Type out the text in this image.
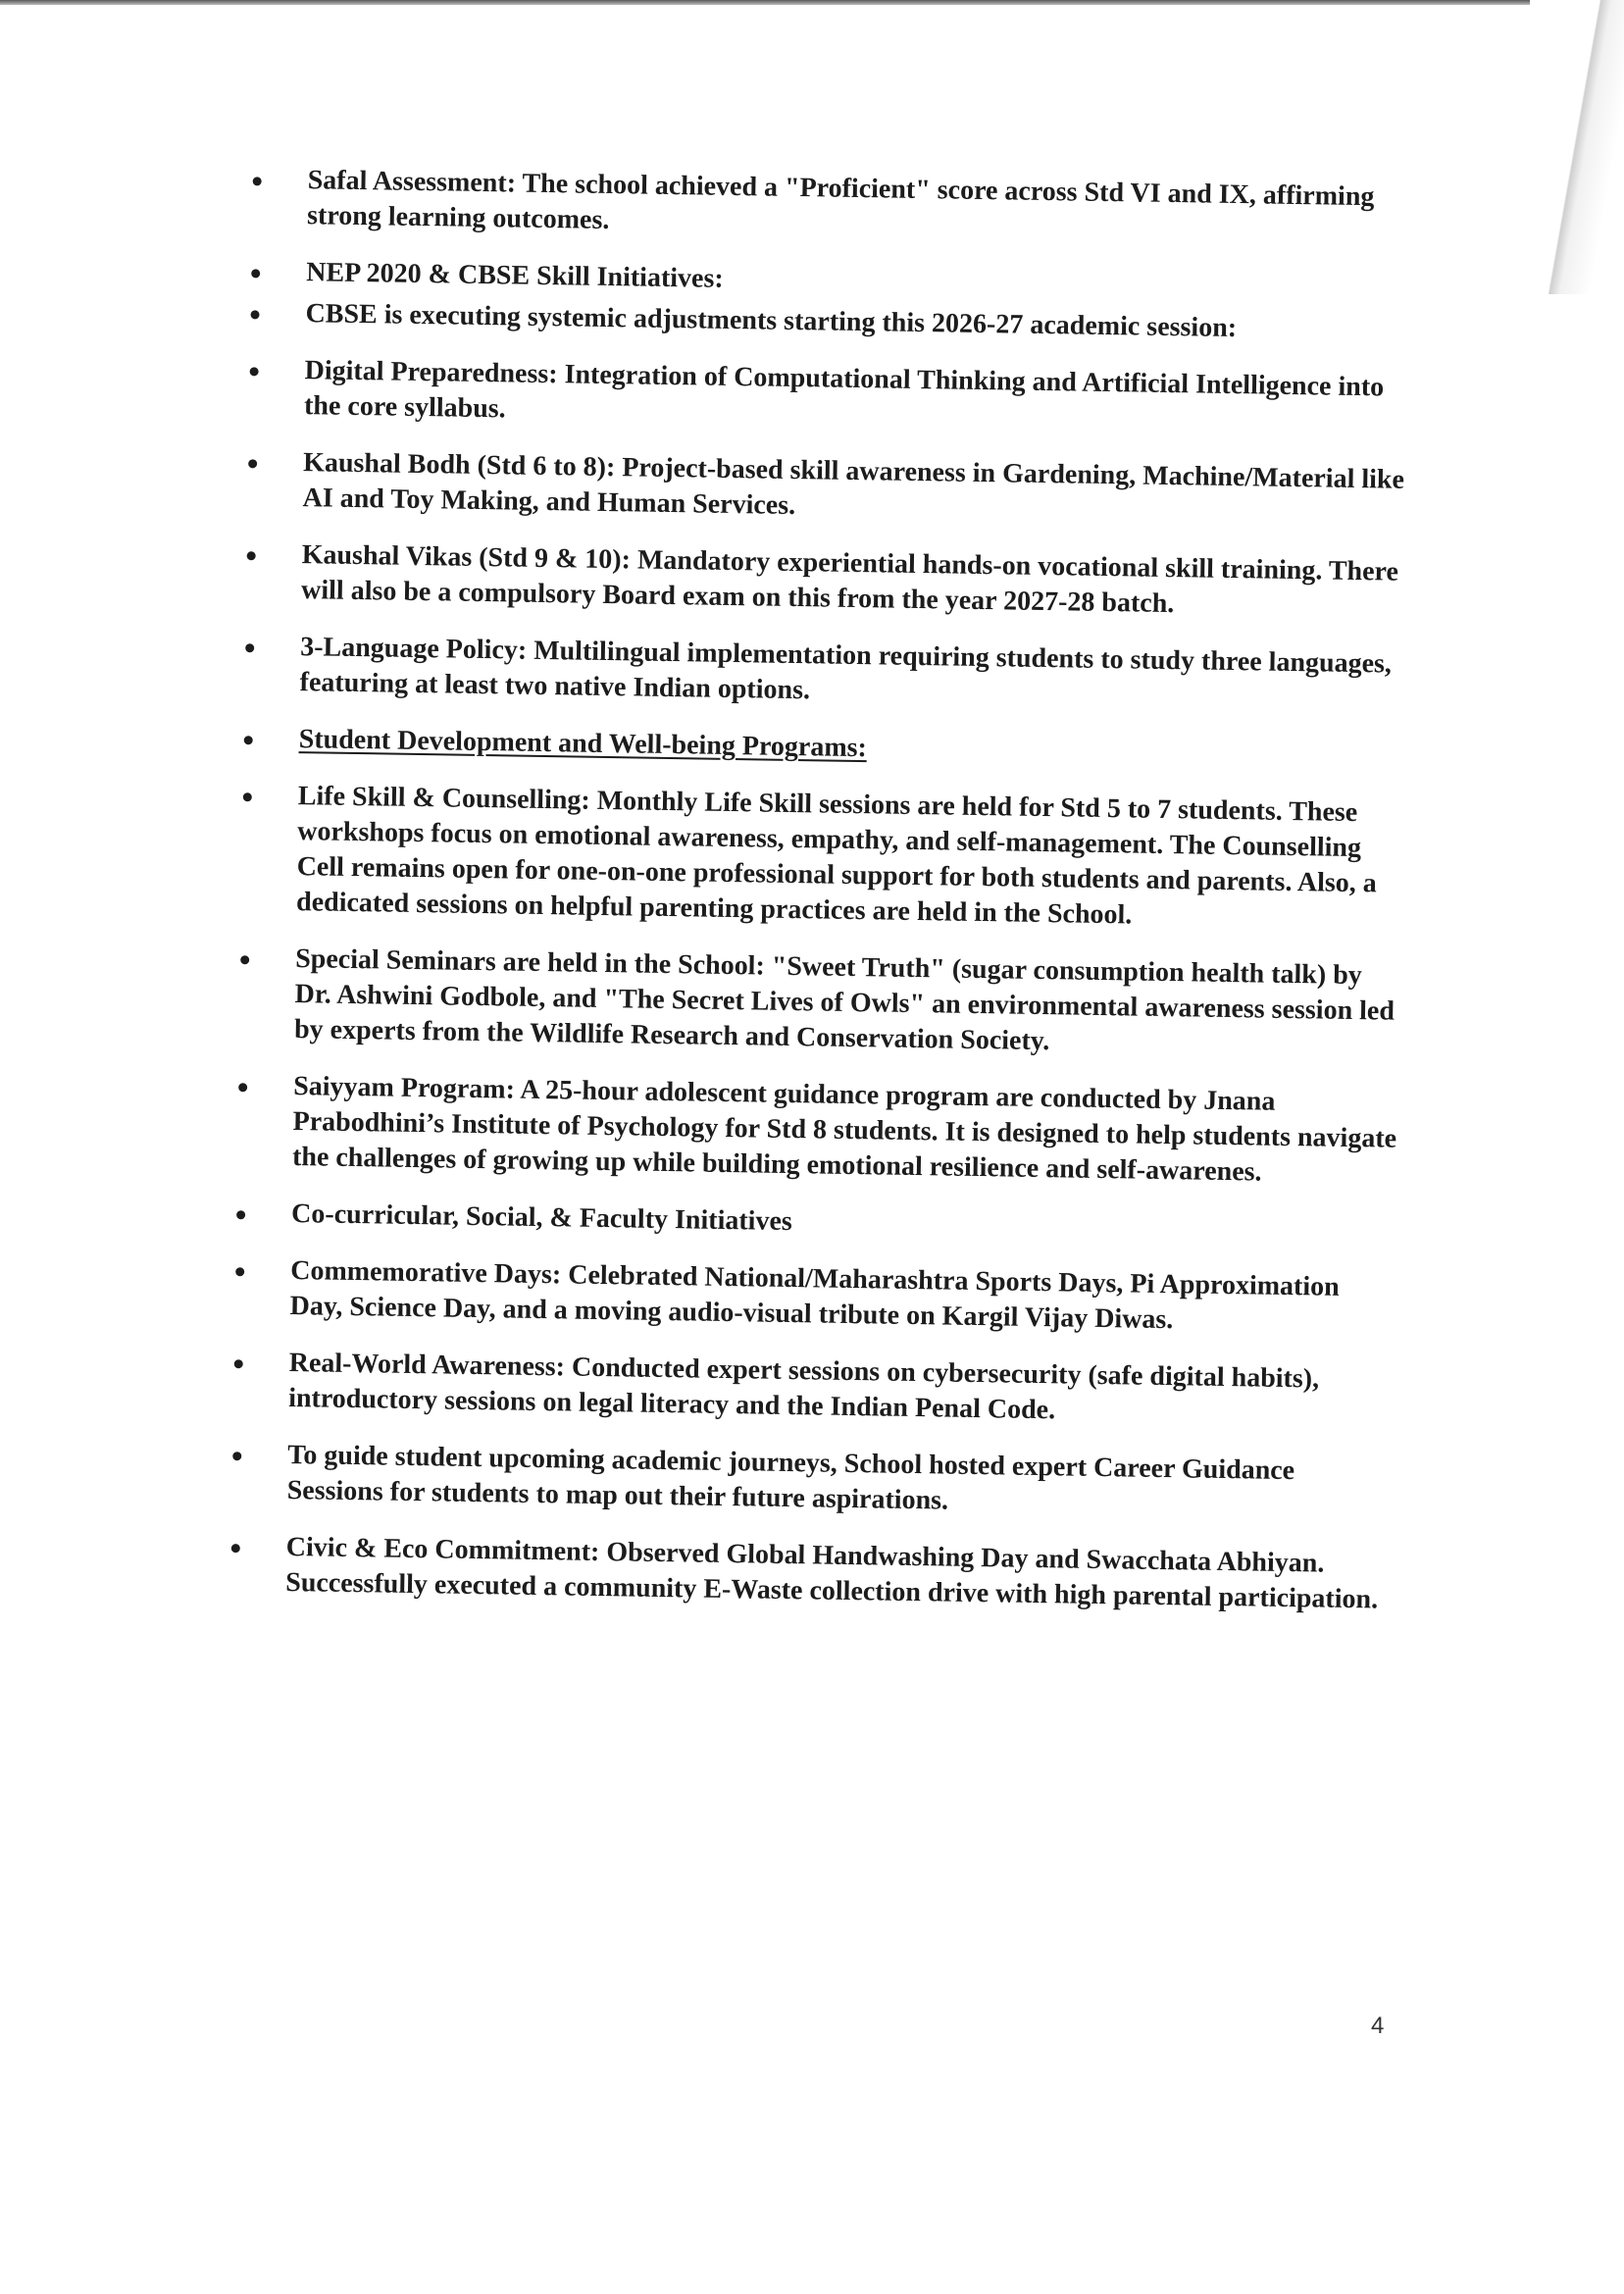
Safal Assessment: The school achieved a "Proficient" score across Std VI and IX, affirming strong learning outcomes.
NEP 2020 & CBSE Skill Initiatives:
CBSE is executing systemic adjustments starting this 2026-27 academic session:
Digital Preparedness: Integration of Computational Thinking and Artificial Intelligence into the core syllabus.
Kaushal Bodh (Std 6 to 8): Project-based skill awareness in Gardening, Machine/Material like AI and Toy Making, and Human Services.
Kaushal Vikas (Std 9 & 10): Mandatory experiential hands-on vocational skill training. There will also be a compulsory Board exam on this from the year 2027-28 batch.
3-Language Policy: Multilingual implementation requiring students to study three languages, featuring at least two native Indian options.
Student Development and Well-being Programs:
Life Skill & Counselling: Monthly Life Skill sessions are held for Std 5 to 7 students. These workshops focus on emotional awareness, empathy, and self-management. The Counselling Cell remains open for one-on-one professional support for both students and parents. Also, a dedicated sessions on helpful parenting practices are held in the School.
Special Seminars are held in the School: "Sweet Truth" (sugar consumption health talk) by Dr. Ashwini Godbole, and "The Secret Lives of Owls" an environmental awareness session led by experts from the Wildlife Research and Conservation Society.
Saiyyam Program: A 25-hour adolescent guidance program are conducted by Jnana Prabodhini’s Institute of Psychology for Std 8 students. It is designed to help students navigate the challenges of growing up while building emotional resilience and self-awarenes.
Co-curricular, Social, & Faculty Initiatives
Commemorative Days: Celebrated National/Maharashtra Sports Days, Pi Approximation Day, Science Day, and a moving audio-visual tribute on Kargil Vijay Diwas.
Real-World Awareness: Conducted expert sessions on cybersecurity (safe digital habits), introductory sessions on legal literacy and the Indian Penal Code.
To guide student upcoming academic journeys, School hosted expert Career Guidance Sessions for students to map out their future aspirations.
Civic & Eco Commitment: Observed Global Handwashing Day and Swacchata Abhiyan. Successfully executed a community E-Waste collection drive with high parental participation.
4
